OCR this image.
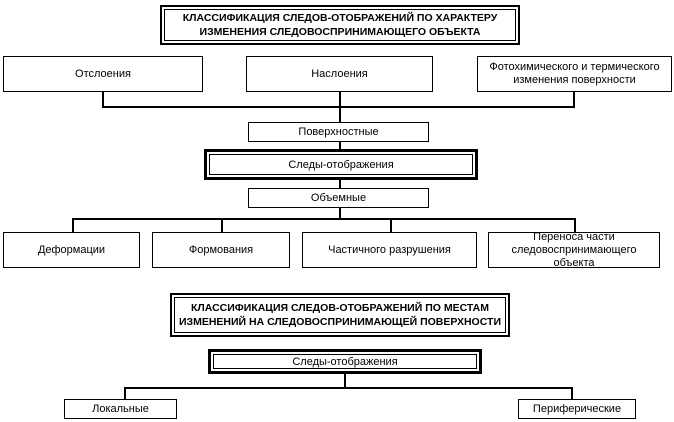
КЛАССИФИКАЦИЯ СЛЕДОВ-ОТОБРАЖЕНИЙ ПО ХАРАКТЕРУ
ИЗМЕНЕНИЯ СЛЕДОВОСПРИНИМАЮЩЕГО ОБЪЕКТА
Отслоения	Наслоения
Фотохимического и термического изменения поверхности
Поверхностные
Следы-отображения
Объемные
Деформации	Формования	Частичного разрушения
Переноса части следовоспринимающего объекта
КЛАССИФИКАЦИЯ СЛЕДОВ-ОТОБРАЖЕНИЙ ПО МЕСТАМ
ИЗМЕНЕНИЙ НА СЛЕДОВОСПРИНИМАЮЩЕЙ ПОВЕРХНОСТИ
Следы-отображения
Локальные	Периферические
